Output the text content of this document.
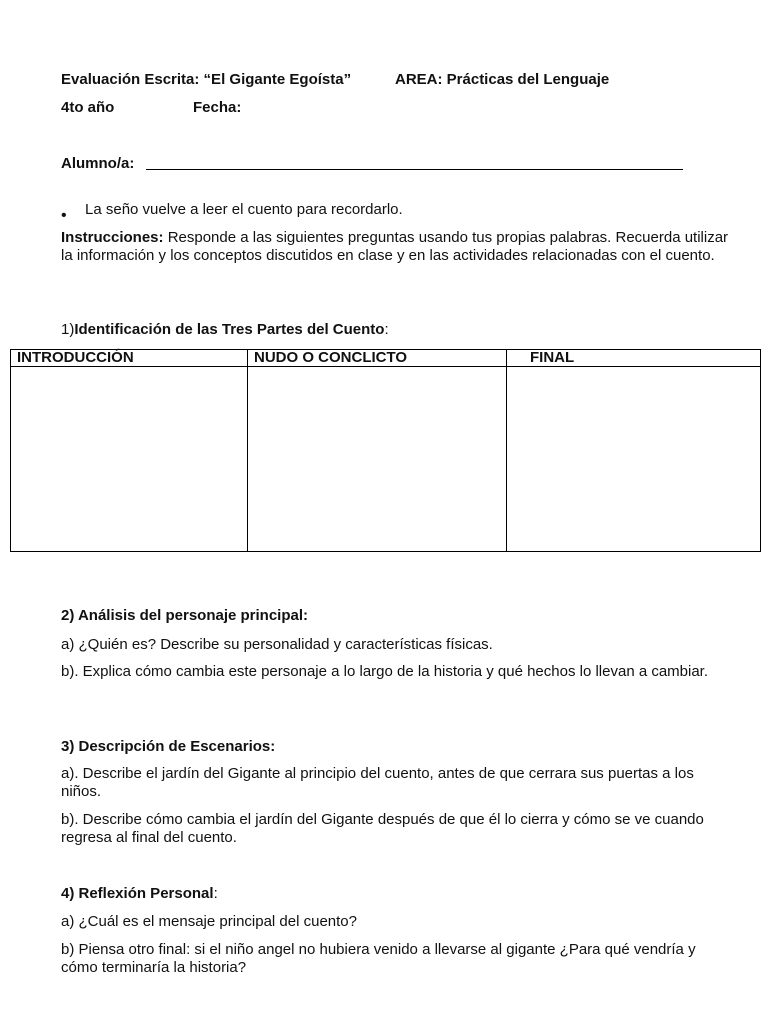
Evaluación Escrita: “El Gigante Egoísta”	AREA: Prácticas del Lenguaje
4to año	Fecha:
Alumno/a:
• La seño vuelve a leer el cuento para recordarlo.
Instrucciones: Responde a las siguientes preguntas usando tus propias palabras. Recuerda utilizar la información y los conceptos discutidos en clase y en las actividades relacionadas con el cuento.
1)Identificación de las Tres Partes del Cuento:
INTRODUCCIÓN	NUDO O CONCLICTO	FINAL

2) Análisis del personaje principal:
a) ¿Quién es? Describe su personalidad y características físicas.
b). Explica cómo cambia este personaje a lo largo de la historia y qué hechos lo llevan a cambiar.
3) Descripción de Escenarios:
a). Describe el jardín del Gigante al principio del cuento, antes de que cerrara sus puertas a los niños.
b). Describe cómo cambia el jardín del Gigante después de que él lo cierra y cómo se ve cuando regresa al final del cuento.
4) Reflexión Personal:
a) ¿Cuál es el mensaje principal del cuento?
b) Piensa otro final: si el niño angel no hubiera venido a llevarse al gigante ¿Para qué vendría y cómo terminaría la historia?
